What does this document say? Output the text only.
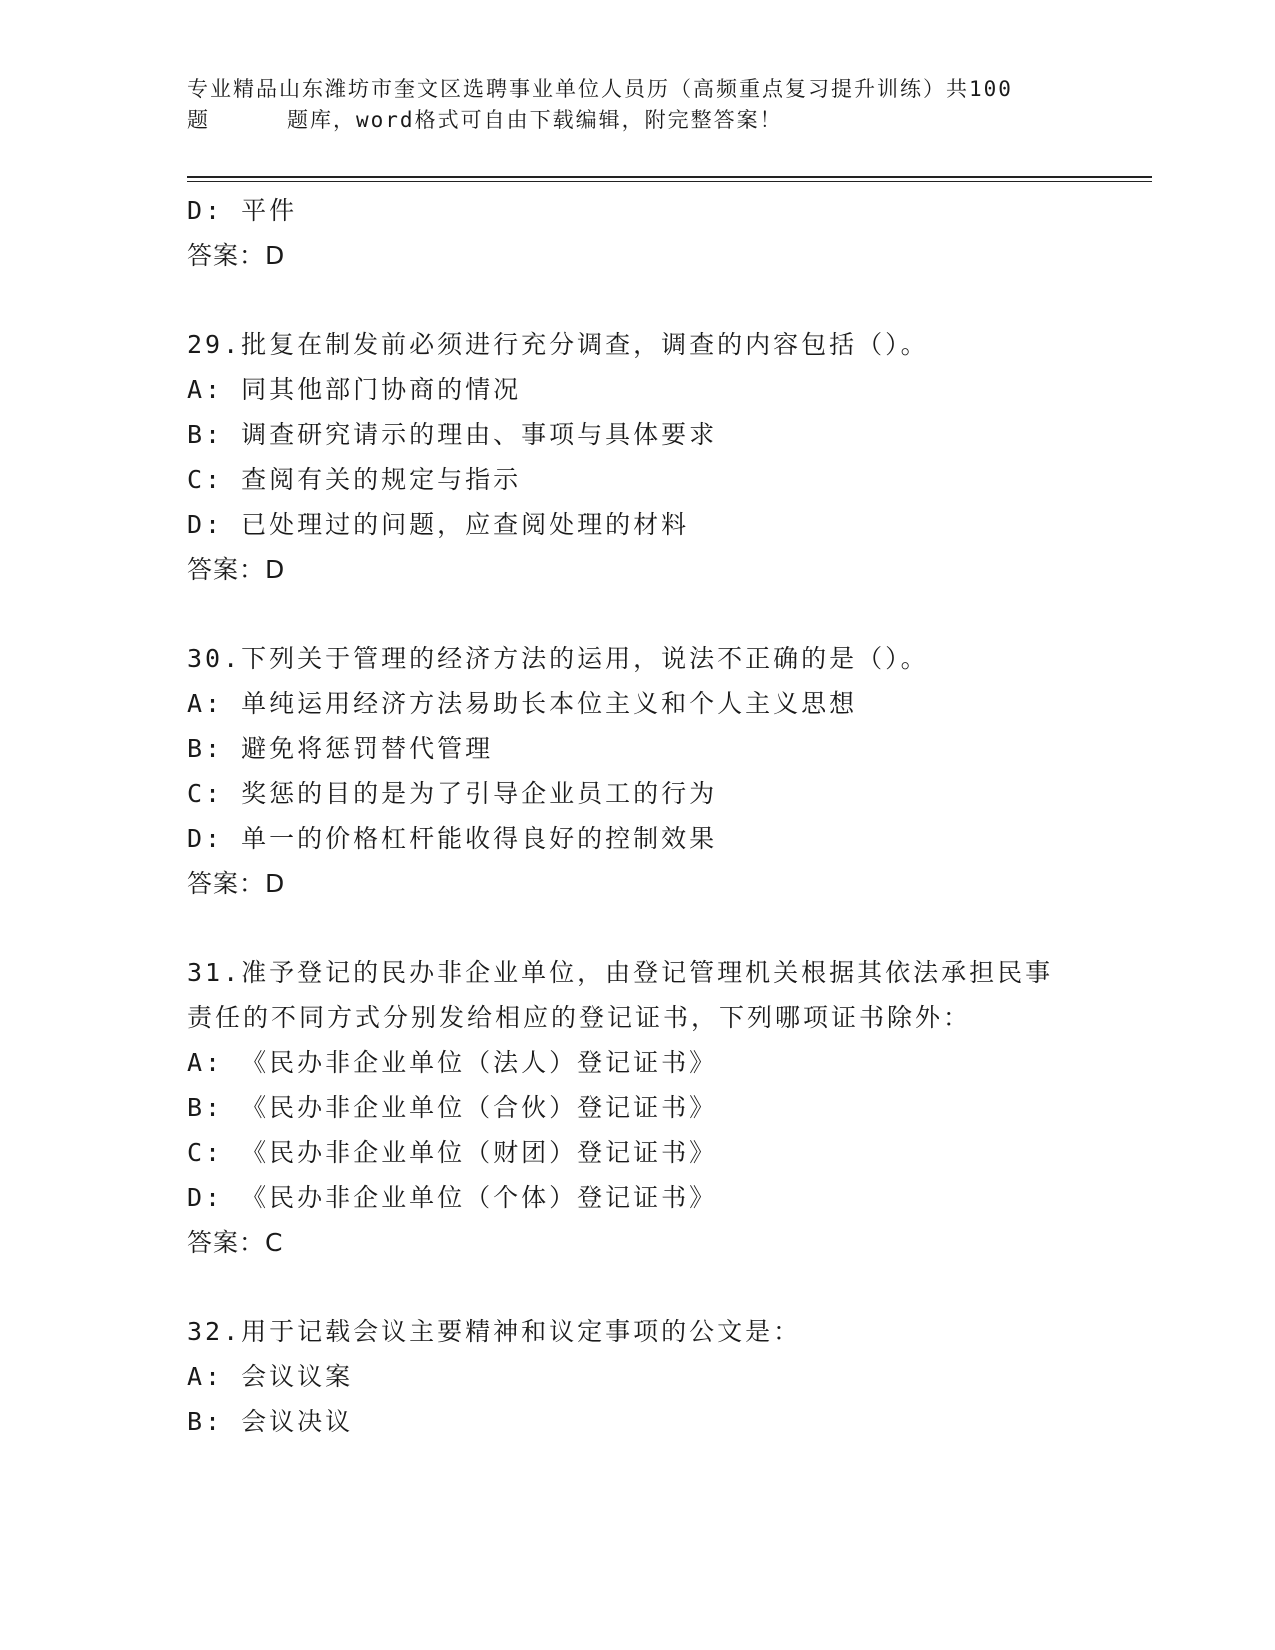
专业精品山东潍坊市奎文区选聘事业单位人员历（高频重点复习提升训练）共100
题	题库，word格式可自由下载编辑，附完整答案！
D: 平件
答案：D
29.批复在制发前必须进行充分调查，调查的内容包括（）。
A: 同其他部门协商的情况
B: 调查研究请示的理由、事项与具体要求
C: 查阅有关的规定与指示
D: 已处理过的问题，应查阅处理的材料
答案：D
30.下列关于管理的经济方法的运用，说法不正确的是（）。
A: 单纯运用经济方法易助长本位主义和个人主义思想
B: 避免将惩罚替代管理
C: 奖惩的目的是为了引导企业员工的行为
D: 单一的价格杠杆能收得良好的控制效果
答案：D
31.准予登记的民办非企业单位，由登记管理机关根据其依法承担民事
责任的不同方式分别发给相应的登记证书，下列哪项证书除外：
A: 《民办非企业单位（法人）登记证书》
B: 《民办非企业单位（合伙）登记证书》
C: 《民办非企业单位（财团）登记证书》
D: 《民办非企业单位（个体）登记证书》
答案：C
32.用于记载会议主要精神和议定事项的公文是：
A: 会议议案
B: 会议决议
